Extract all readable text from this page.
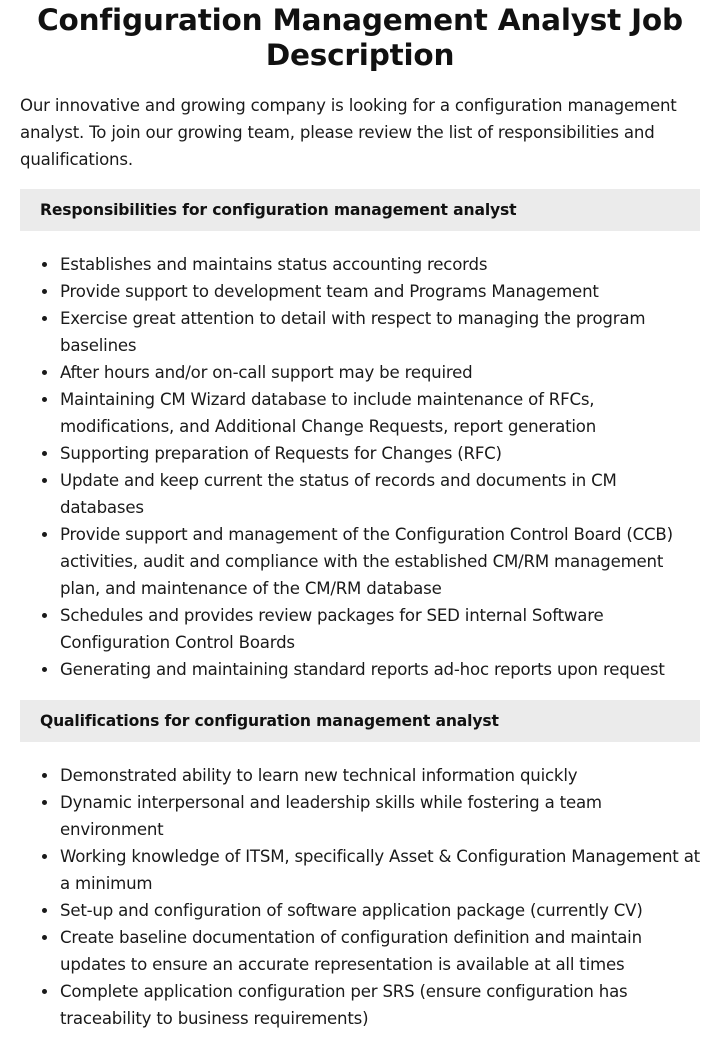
Configuration Management Analyst Job Description

Our innovative and growing company is looking for a configuration management analyst. To join our growing team, please review the list of responsibilities and qualifications.

Responsibilities for configuration management analyst
Establishes and maintains status accounting records
Provide support to development team and Programs Management
Exercise great attention to detail with respect to managing the program baselines
After hours and/or on-call support may be required
Maintaining CM Wizard database to include maintenance of RFCs, modifications, and Additional Change Requests, report generation
Supporting preparation of Requests for Changes (RFC)
Update and keep current the status of records and documents in CM databases
Provide support and management of the Configuration Control Board (CCB) activities, audit and compliance with the established CM/RM management plan, and maintenance of the CM/RM database
Schedules and provides review packages for SED internal Software Configuration Control Boards
Generating and maintaining standard reports ad-hoc reports upon request
Qualifications for configuration management analyst
Demonstrated ability to learn new technical information quickly
Dynamic interpersonal and leadership skills while fostering a team environment
Working knowledge of ITSM, specifically Asset & Configuration Management at a minimum
Set-up and configuration of software application package (currently CV)
Create baseline documentation of configuration definition and maintain updates to ensure an accurate representation is available at all times
Complete application configuration per SRS (ensure configuration has traceability to business requirements)
